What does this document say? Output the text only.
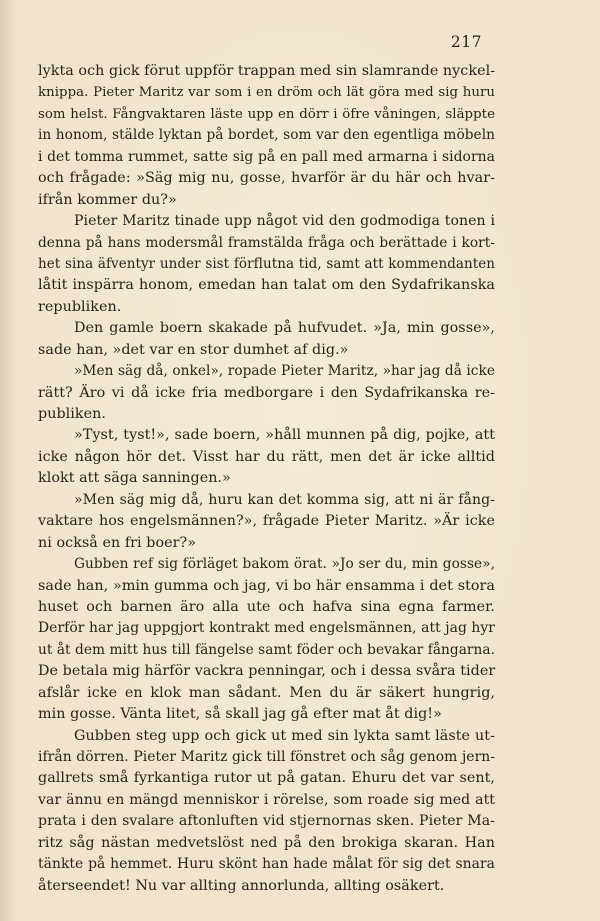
217
lykta och gick förut uppför trappan med sin slamrande nyckel-
knippa. Pieter Maritz var som i en dröm och lät göra med sig huru
som helst. Fångvaktaren läste upp en dörr i öfre våningen, släppte
in honom, stälde lyktan på bordet, som var den egentliga möbeln
i det tomma rummet, satte sig på en pall med armarna i sidorna
och frågade: »Säg mig nu, gosse, hvarför är du här och hvar-
ifrån kommer du?»
Pieter Maritz tinade upp något vid den godmodiga tonen i
denna på hans modersmål framstälda fråga och berättade i kort-
het sina äfventyr under sist förflutna tid, samt att kommendanten
låtit inspärra honom, emedan han talat om den Sydafrikanska
republiken.
Den gamle boern skakade på hufvudet. »Ja, min gosse»,
sade han, »det var en stor dumhet af dig.»
»Men säg då, onkel», ropade Pieter Maritz, »har jag då icke
rätt? Äro vi då icke fria medborgare i den Sydafrikanska re-
publiken.
»Tyst, tyst!», sade boern, »håll munnen på dig, pojke, att
icke någon hör det. Visst har du rätt, men det är icke alltid
klokt att säga sanningen.»
»Men säg mig då, huru kan det komma sig, att ni är fång-
vaktare hos engelsmännen?», frågade Pieter Maritz. »Är icke
ni också en fri boer?»
Gubben ref sig förläget bakom örat. »Jo ser du, min gosse»,
sade han, »min gumma och jag, vi bo här ensamma i det stora
huset och barnen äro alla ute och hafva sina egna farmer.
Derför har jag uppgjort kontrakt med engelsmännen, att jag hyr
ut åt dem mitt hus till fängelse samt föder och bevakar fångarna.
De betala mig härför vackra penningar, och i dessa svåra tider
afslår icke en klok man sådant. Men du är säkert hungrig,
min gosse. Vänta litet, så skall jag gå efter mat åt dig!»
Gubben steg upp och gick ut med sin lykta samt läste ut-
ifrån dörren. Pieter Maritz gick till fönstret och såg genom jern-
gallrets små fyrkantiga rutor ut på gatan. Ehuru det var sent,
var ännu en mängd menniskor i rörelse, som roade sig med att
prata i den svalare aftonluften vid stjernornas sken. Pieter Ma-
ritz såg nästan medvetslöst ned på den brokiga skaran. Han
tänkte på hemmet. Huru skönt han hade målat för sig det snara
återseendet! Nu var allting annorlunda, allting osäkert.
